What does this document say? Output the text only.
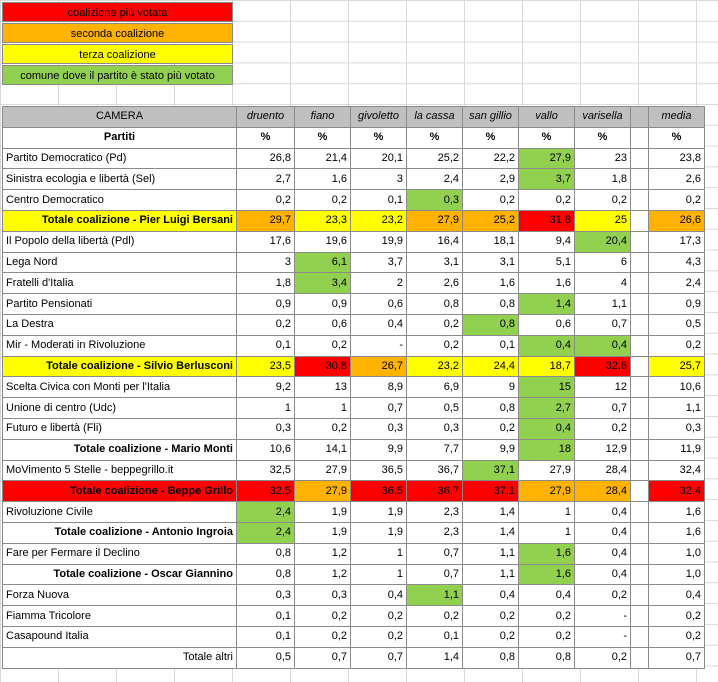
coalizione più votata
seconda coalizione
terza coalizione
comune dove il partito è stato più votato
CAMERA	druento	fiano	givoletto	la cassa	san gillio	vallo	varisella		media
Partiti	%	%	%	%	%	%	%		%
Partito Democratico (Pd)	26,8	21,4	20,1	25,2	22,2	27,9	23		23,8
Sinistra ecologia e libertà (Sel)	2,7	1,6	3	2,4	2,9	3,7	1,8		2,6
Centro Democratico	0,2	0,2	0,1	0,3	0,2	0,2	0,2		0,2
Totale coalizione - Pier Luigi Bersani	29,7	23,3	23,2	27,9	25,2	31,8	25		26,6
Il Popolo della libertà (Pdl)	17,6	19,6	19,9	16,4	18,1	9,4	20,4		17,3
Lega Nord	3	6,1	3,7	3,1	3,1	5,1	6		4,3
Fratelli d'Italia	1,8	3,4	2	2,6	1,6	1,6	4		2,4
Partito Pensionati	0,9	0,9	0,6	0,8	0,8	1,4	1,1		0,9
La Destra	0,2	0,6	0,4	0,2	0,8	0,6	0,7		0,5
Mir - Moderati in Rivoluzione	0,1	0,2	-	0,2	0,1	0,4	0,4		0,2
Totale coalizione - Silvio Berlusconi	23,5	30,8	26,7	23,2	24,4	18,7	32,6		25,7
Scelta Civica con Monti per l'Italia	9,2	13	8,9	6,9	9	15	12		10,6
Unione di centro (Udc)	1	1	0,7	0,5	0,8	2,7	0,7		1,1
Futuro e libertà (Fli)	0,3	0,2	0,3	0,3	0,2	0,4	0,2		0,3
Totale coalizione - Mario Monti	10,6	14,1	9,9	7,7	9,9	18	12,9		11,9
MoVimento 5 Stelle - beppegrillo.it	32,5	27,9	36,5	36,7	37,1	27,9	28,4		32,4
Totale coalizione - Beppe Grillo	32,5	27,9	36,5	36,7	37,1	27,9	28,4		32,4
Rivoluzione Civile	2,4	1,9	1,9	2,3	1,4	1	0,4		1,6
Totale coalizione - Antonio Ingroia	2,4	1,9	1,9	2,3	1,4	1	0,4		1,6
Fare per Fermare il Declino	0,8	1,2	1	0,7	1,1	1,6	0,4		1,0
Totale coalizione - Oscar Giannino	0,8	1,2	1	0,7	1,1	1,6	0,4		1,0
Forza Nuova	0,3	0,3	0,4	1,1	0,4	0,4	0,2		0,4
Fiamma Tricolore	0,1	0,2	0,2	0,2	0,2	0,2	-		0,2
Casapound Italia	0,1	0,2	0,2	0,1	0,2	0,2	-		0,2
Totale altri	0,5	0,7	0,7	1,4	0,8	0,8	0,2		0,7
